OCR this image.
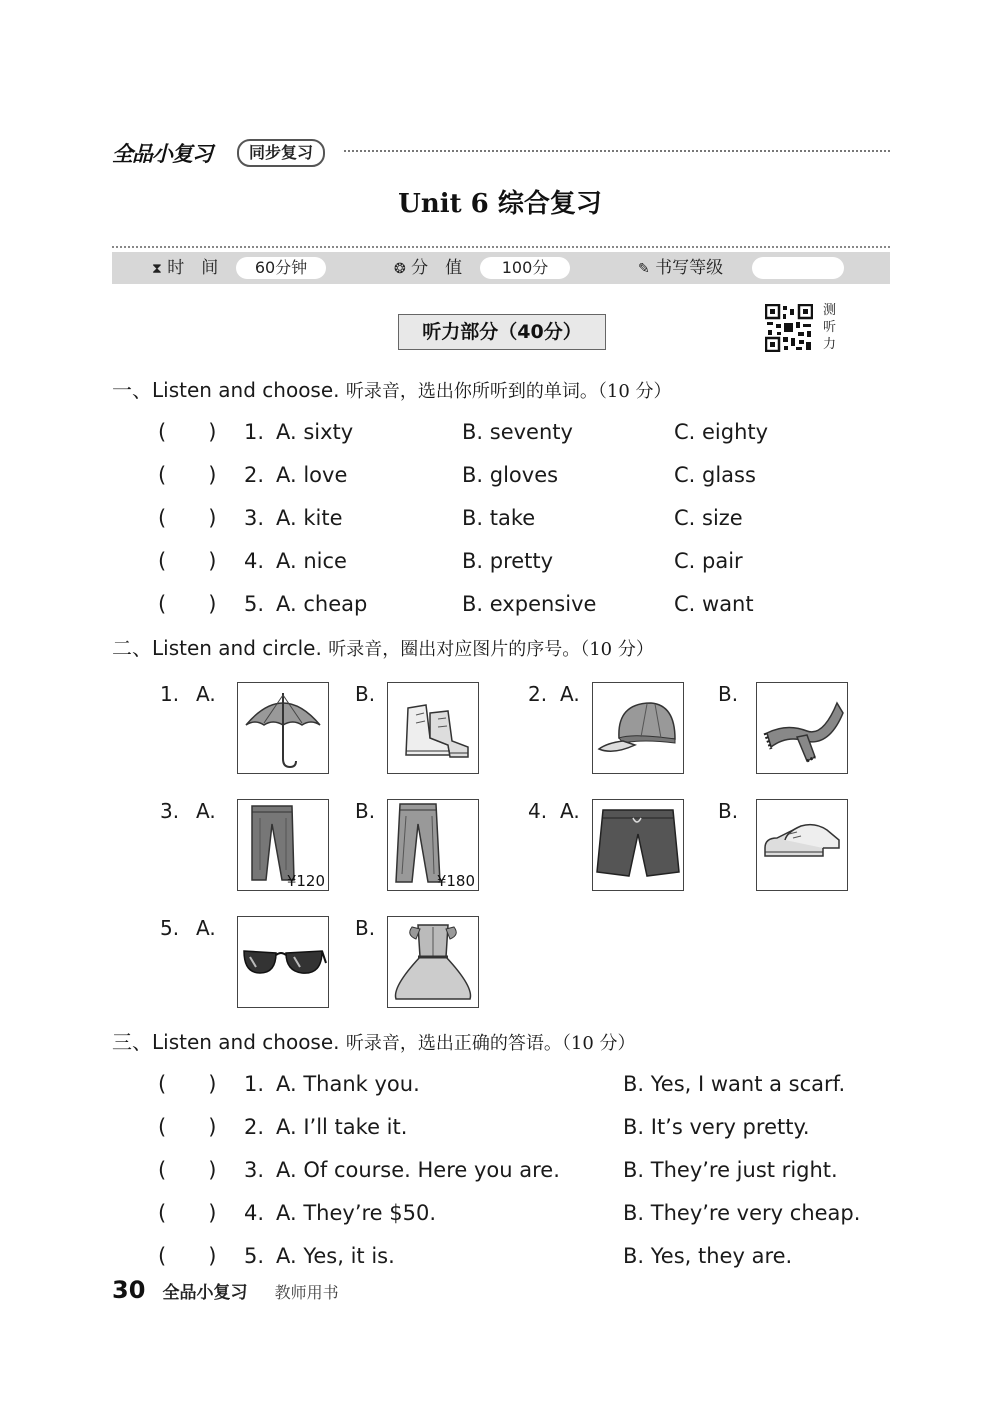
全品小复习	同步复习
Unit 6 综合复习
⧗ 时　间	60分钟	❂ 分　值	100分	✎ 书写等级
听力部分（40分）
测听力
一、Listen and choose. 听录音，选出你所听到的单词。（10 分）
(　　) 1. A. sixty	B. seventy	C. eighty
(　　) 2. A. love	B. gloves	C. glass
(　　) 3. A. kite	B. take	C. size
(　　) 4. A. nice	B. pretty	C. pair
(　　) 5. A. cheap	B. expensive	C. want
二、Listen and circle. 听录音，圈出对应图片的序号。（10 分）
1. A.	B.	2. A.	B.
3. A.
¥120
B.
¥180
4. A.	B.
5. A.	B.
三、Listen and choose. 听录音，选出正确的答语。（10 分）
(　　) 1. A. Thank you.	B. Yes, I want a scarf.
(　　) 2. A. I’ll take it.	B. It’s very pretty.
(　　) 3. A. Of course. Here you are.	B. They’re just right.
(　　) 4. A. They’re $50.	B. They’re very cheap.
(　　) 5. A. Yes, it is.	B. Yes, they are.
30 全品小复习 教师用书
